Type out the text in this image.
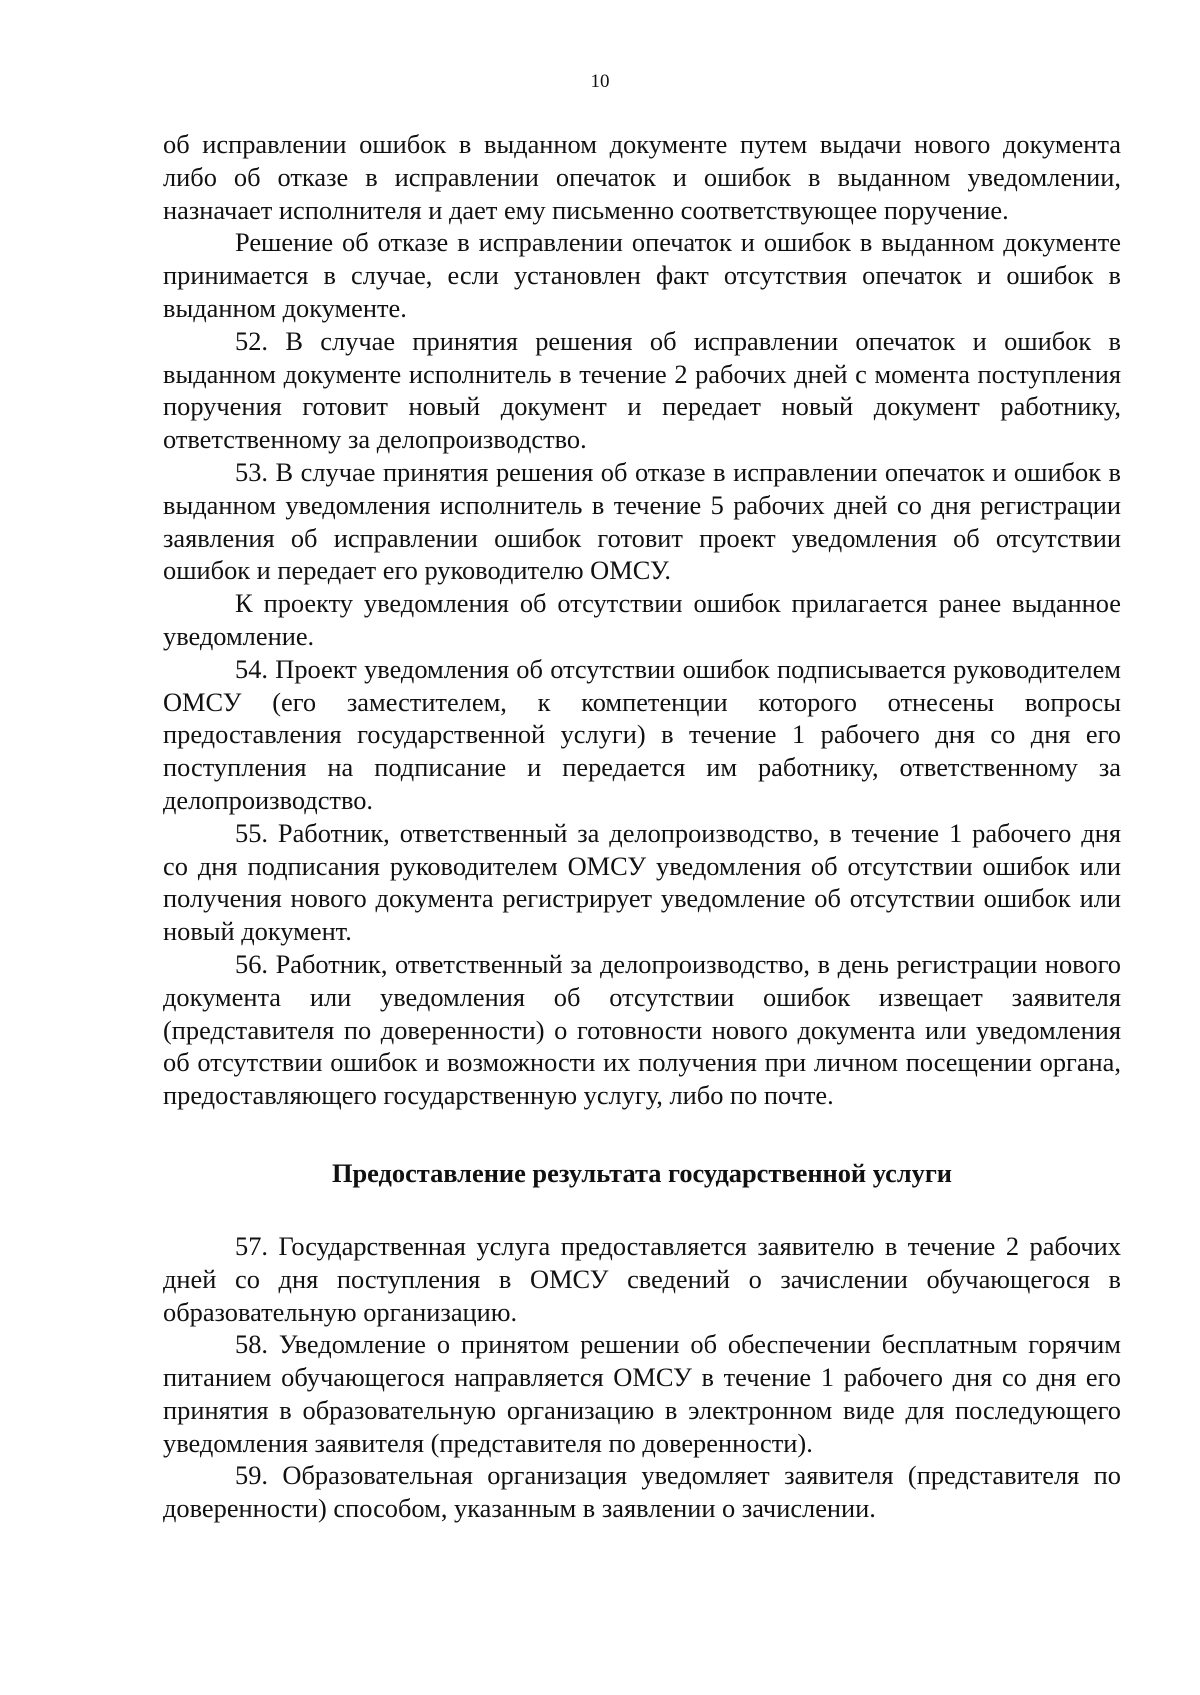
10

об исправлении ошибок в выданном документе путем выдачи нового документа либо об отказе в исправлении опечаток и ошибок в выданном уведомлении, назначает исполнителя и дает ему письменно соответствующее поручение.

Решение об отказе в исправлении опечаток и ошибок в выданном документе принимается в случае, если установлен факт отсутствия опечаток и ошибок в выданном документе.

52. В случае принятия решения об исправлении опечаток и ошибок в выданном документе исполнитель в течение 2 рабочих дней с момента поступления поручения готовит новый документ и передает новый документ работнику, ответственному за делопроизводство.

53. В случае принятия решения об отказе в исправлении опечаток и ошибок в выданном уведомления исполнитель в течение 5 рабочих дней со дня регистрации заявления об исправлении ошибок готовит проект уведомления об отсутствии ошибок и передает его руководителю ОМСУ.

К проекту уведомления об отсутствии ошибок прилагается ранее выданное уведомление.

54. Проект уведомления об отсутствии ошибок подписывается руководителем ОМСУ (его заместителем, к компетенции которого отнесены вопросы предоставления государственной услуги) в течение 1 рабочего дня со дня его поступления на подписание и передается им работнику, ответственному за делопроизводство.

55. Работник, ответственный за делопроизводство, в течение 1 рабочего дня со дня подписания руководителем ОМСУ уведомления об отсутствии ошибок или получения нового документа регистрирует уведомление об отсутствии ошибок или новый документ.

56. Работник, ответственный за делопроизводство, в день регистрации нового документа или уведомления об отсутствии ошибок извещает заявителя (представителя по доверенности) о готовности нового документа или уведомления об отсутствии ошибок и возможности их получения при личном посещении органа, предоставляющего государственную услугу, либо по почте.

Предоставление результата государственной услуги

57. Государственная услуга предоставляется заявителю в течение 2 рабочих дней со дня поступления в ОМСУ сведений о зачислении обучающегося в образовательную организацию.

58. Уведомление о принятом решении об обеспечении бесплатным горячим питанием обучающегося направляется ОМСУ в течение 1 рабочего дня со дня его принятия в образовательную организацию в электронном виде для последующего уведомления заявителя (представителя по доверенности).

59. Образовательная организация уведомляет заявителя (представителя по доверенности) способом, указанным в заявлении о зачислении.
